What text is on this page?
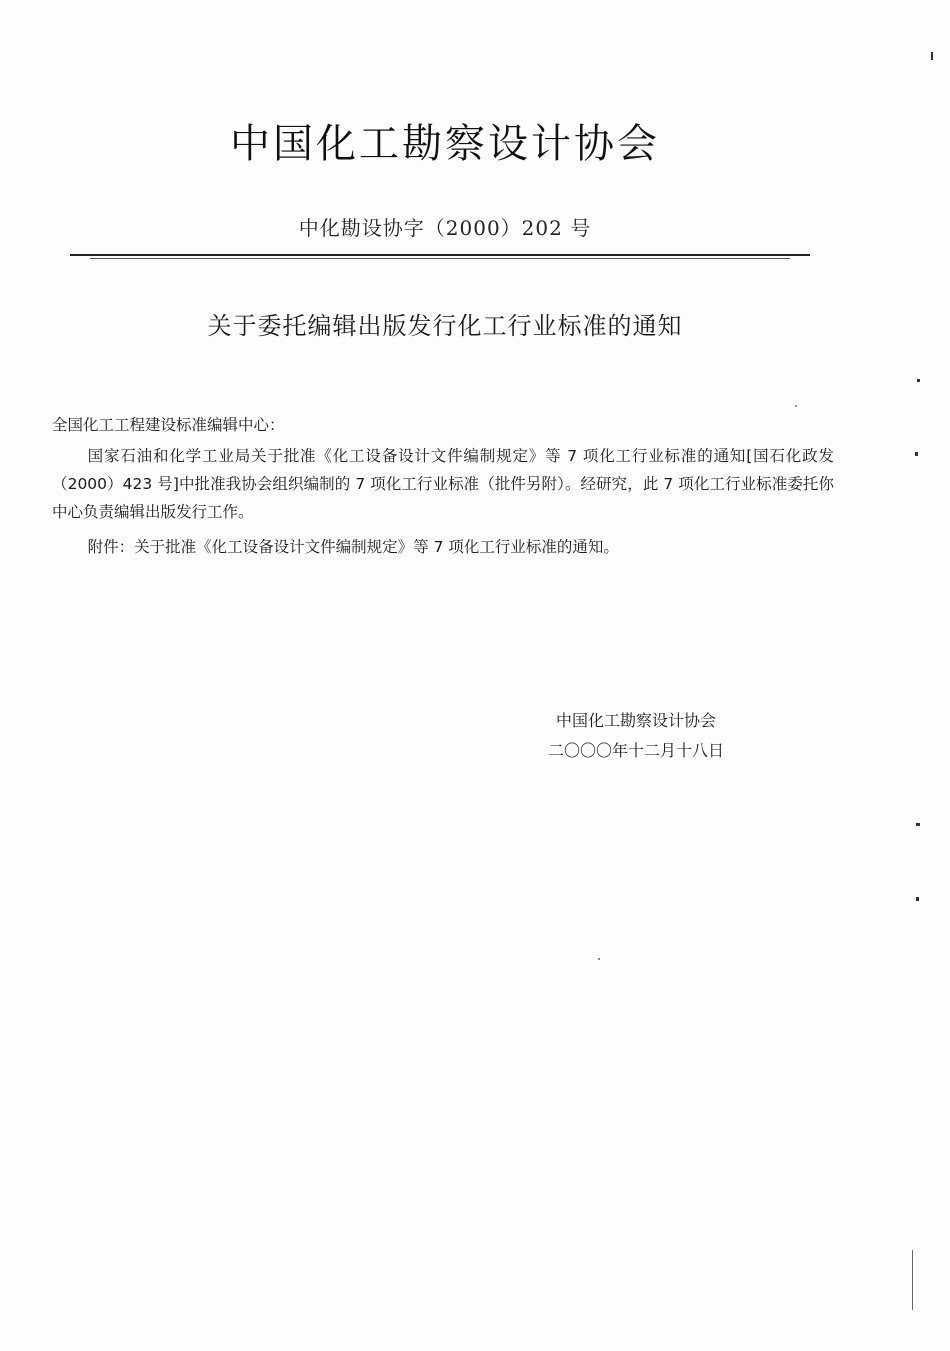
中国化工勘察设计协会
中化勘设协字（2000）202 号
关于委托编辑出版发行化工行业标准的通知
全国化工工程建设标准编辑中心：

国家石油和化学工业局关于批准《化工设备设计文件编制规定》等 7 项化工行业标准的通知[国石化政发（2000）423 号]中批准我协会组织编制的 7 项化工行业标准（批件另附）。经研究，此 7 项化工行业标准委托你中心负责编辑出版发行工作。

附件：关于批准《化工设备设计文件编制规定》等 7 项化工行业标准的通知。

中国化工勘察设计协会
二〇〇〇年十二月十八日
